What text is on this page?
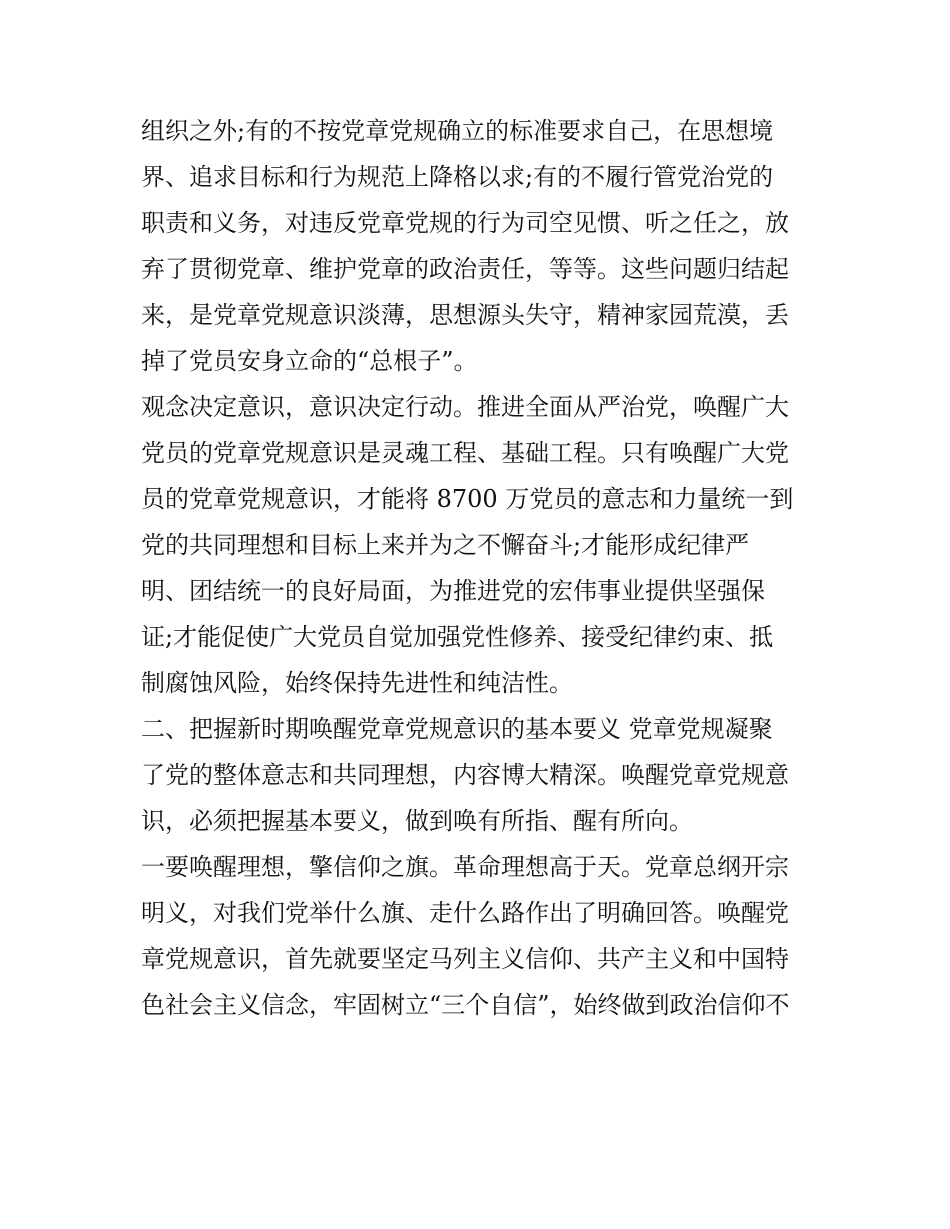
组织之外;有的不按党章党规确立的标准要求自己，在思想境
界、追求目标和行为规范上降格以求;有的不履行管党治党的
职责和义务，对违反党章党规的行为司空见惯、听之任之，放
弃了贯彻党章、维护党章的政治责任，等等。这些问题归结起
来，是党章党规意识淡薄，思想源头失守，精神家园荒漠，丢
掉了党员安身立命的“总根子”。
观念决定意识，意识决定行动。推进全面从严治党，唤醒广大
党员的党章党规意识是灵魂工程、基础工程。只有唤醒广大党
员的党章党规意识，才能将 8700 万党员的意志和力量统一到
党的共同理想和目标上来并为之不懈奋斗;才能形成纪律严
明、团结统一的良好局面，为推进党的宏伟事业提供坚强保
证;才能促使广大党员自觉加强党性修养、接受纪律约束、抵
制腐蚀风险，始终保持先进性和纯洁性。
二、把握新时期唤醒党章党规意识的基本要义 党章党规凝聚
了党的整体意志和共同理想，内容博大精深。唤醒党章党规意
识，必须把握基本要义，做到唤有所指、醒有所向。
一要唤醒理想，擎信仰之旗。革命理想高于天。党章总纲开宗
明义，对我们党举什么旗、走什么路作出了明确回答。唤醒党
章党规意识，首先就要坚定马列主义信仰、共产主义和中国特
色社会主义信念，牢固树立“三个自信”，始终做到政治信仰不
